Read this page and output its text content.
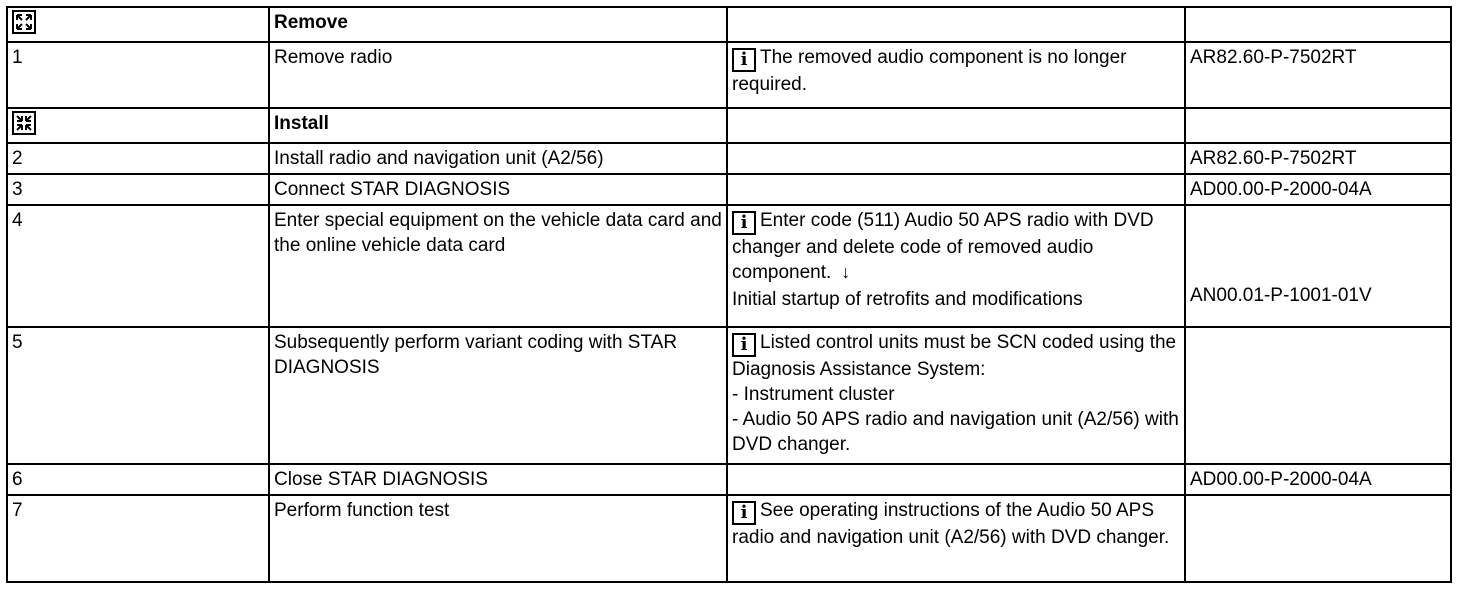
	Remove		
1	Remove radio	i The removed audio component is no longer required.	AR82.60-P-7502RT

	Install		
2	Install radio and navigation unit (A2/56)		AR82.60-P-7502RT
3	Connect STAR DIAGNOSIS		AD00.00-P-2000-04A
4	Enter special equipment on the vehicle data card and the online vehicle data card	i Enter code (511) Audio 50 APS radio with DVD changer and delete code of removed audio component. ↓
Initial startup of retrofits and modifications	AN00.01-P-1001-01V

5	Subsequently perform variant coding with STAR DIAGNOSIS	i Listed control units must be SCN coded using the Diagnosis Assistance System:
- Instrument cluster
- Audio 50 APS radio and navigation unit (A2/56) with DVD changer.	
6	Close STAR DIAGNOSIS		AD00.00-P-2000-04A
7	Perform function test	i See operating instructions of the Audio 50 APS radio and navigation unit (A2/56) with DVD changer.	
